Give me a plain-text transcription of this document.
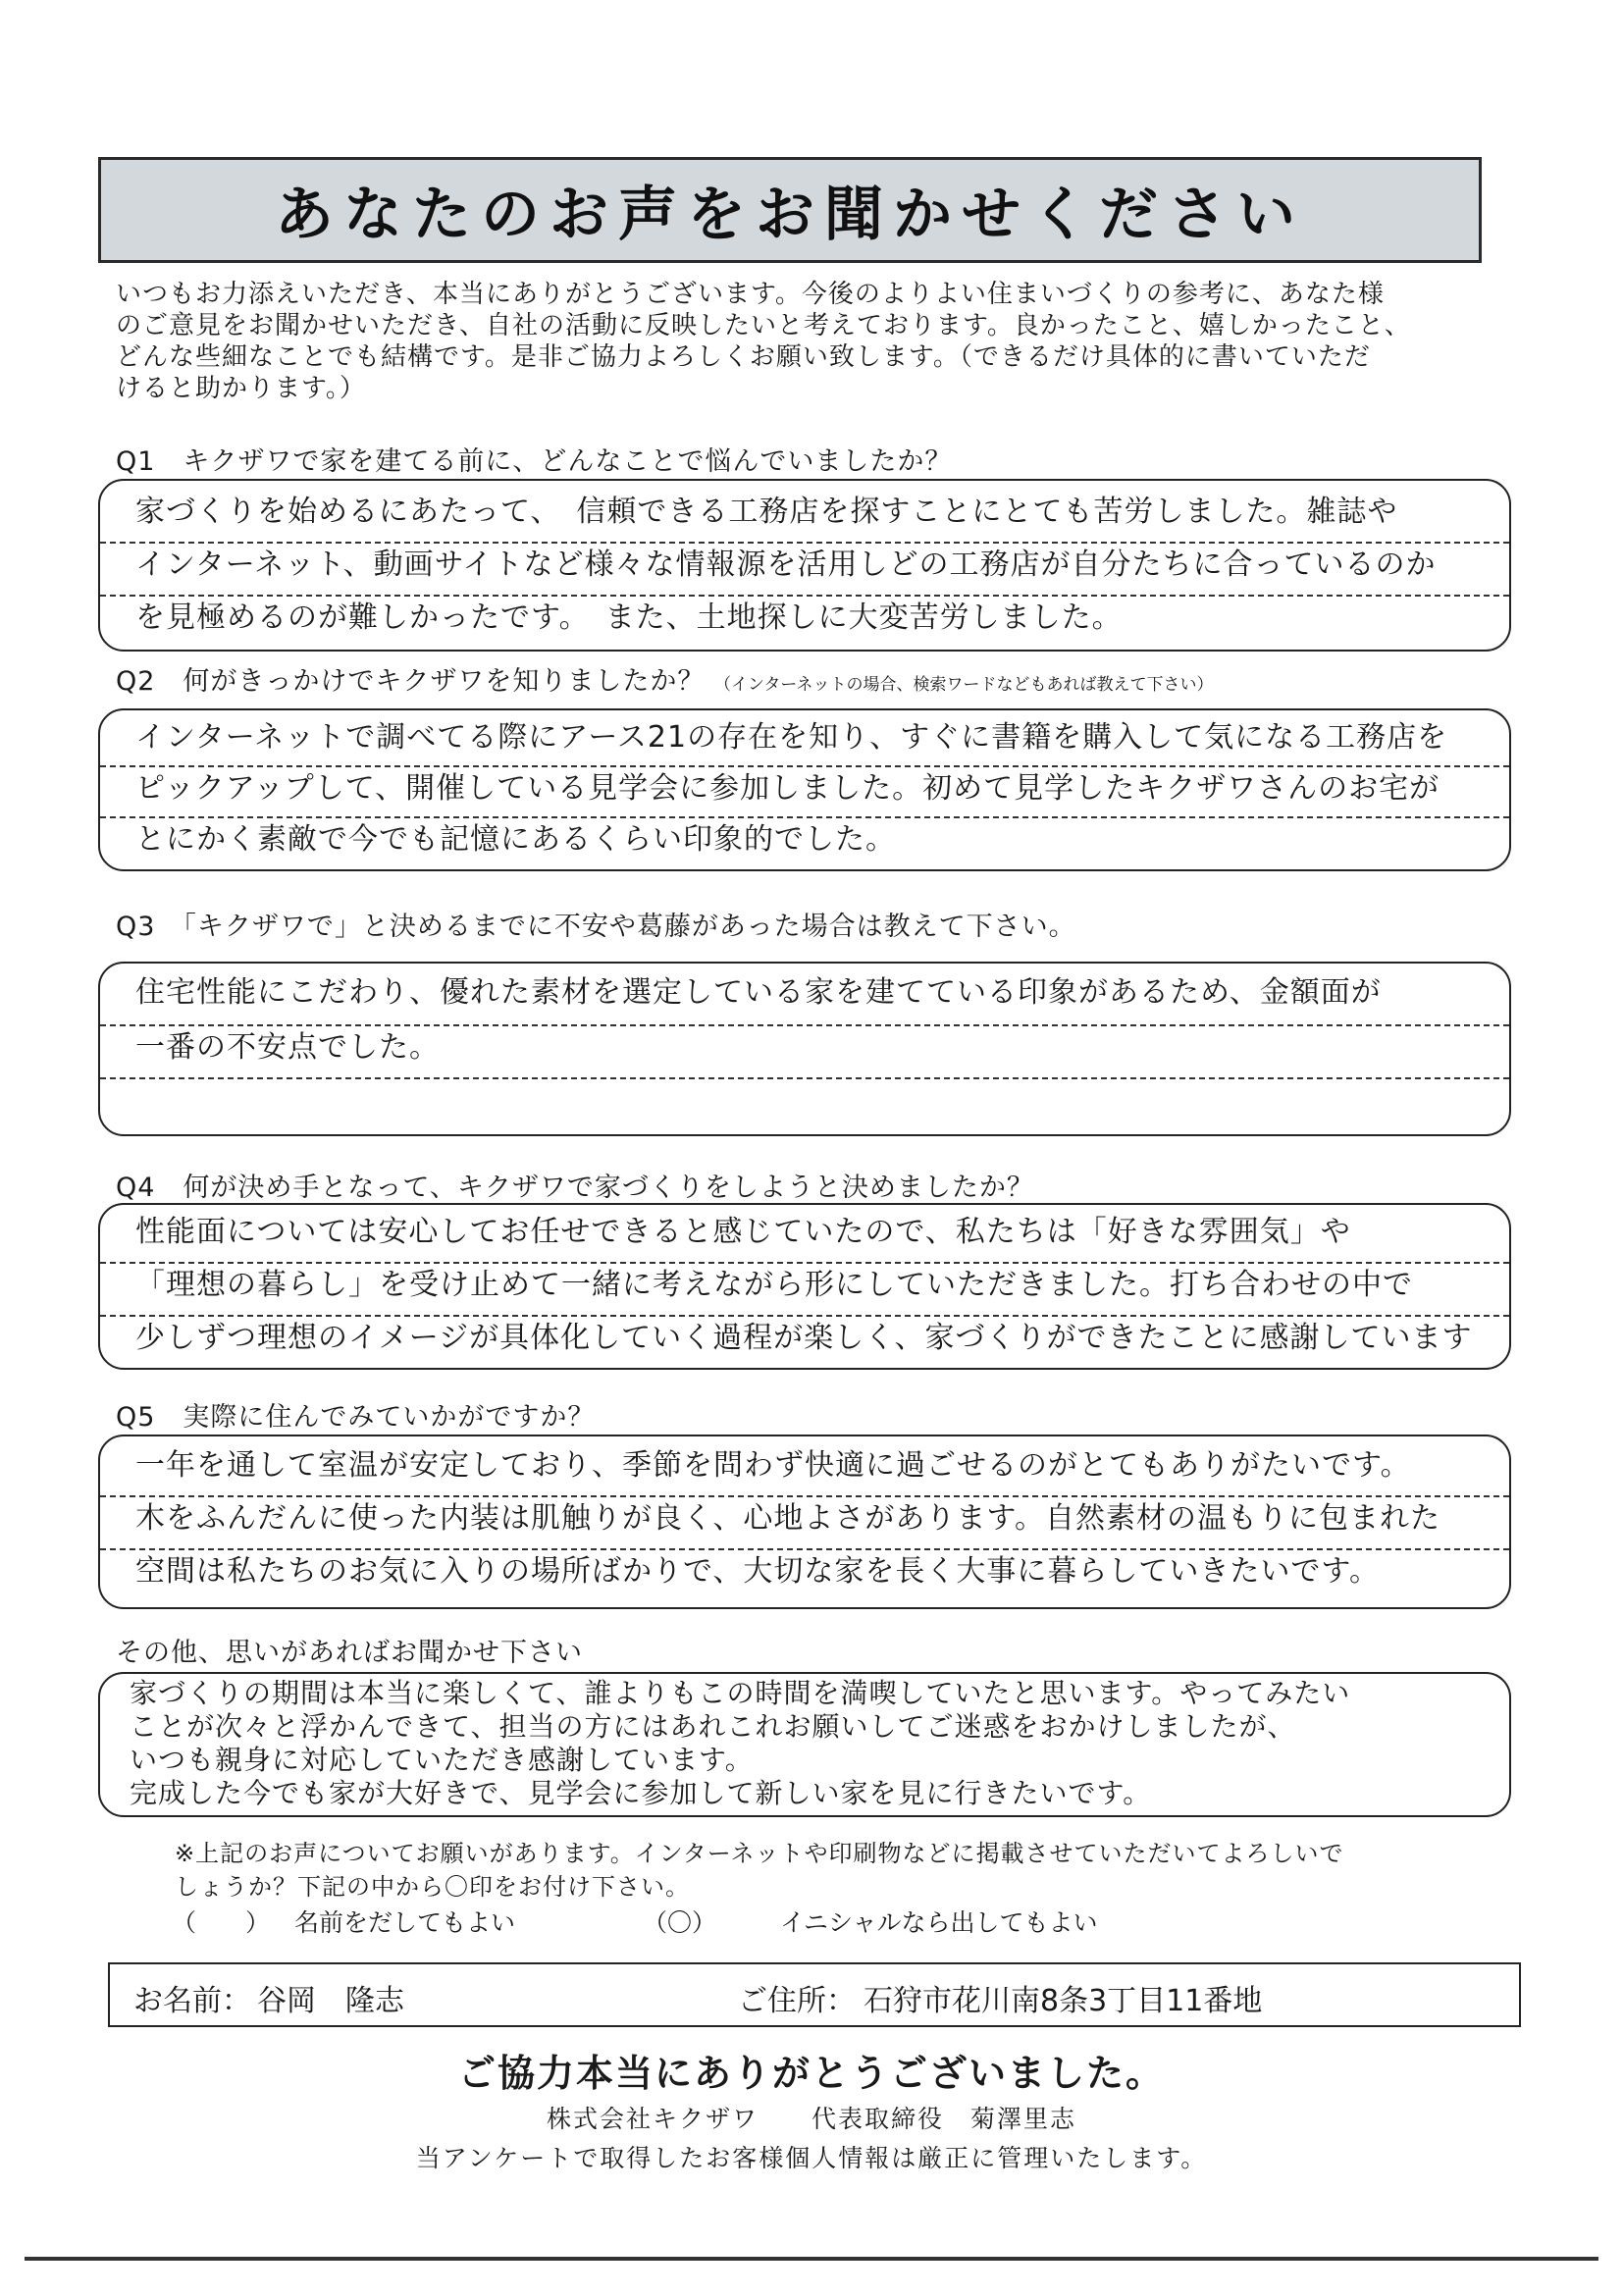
あなたのお声をお聞かせください
いつもお力添えいただき、本当にありがとうございます。今後のよりよい住まいづくりの参考に、あなた様
のご意見をお聞かせいただき、自社の活動に反映したいと考えております。良かったこと、嬉しかったこと、
どんな些細なことでも結構です。是非ご協力よろしくお願い致します。（できるだけ具体的に書いていただ
けると助かります。）
Q1　キクザワで家を建てる前に、どんなことで悩んでいましたか？
家づくりを始めるにあたって、　信頼できる工務店を探すことにとても苦労しました。雑誌や
インターネット、動画サイトなど様々な情報源を活用しどの工務店が自分たちに合っているのか
を見極めるのが難しかったです。　また、土地探しに大変苦労しました。
Q2　何がきっかけでキクザワを知りましたか？ （インターネットの場合、検索ワードなどもあれば教えて下さい）
インターネットで調べてる際にアース21の存在を知り、すぐに書籍を購入して気になる工務店を
ピックアップして、開催している見学会に参加しました。初めて見学したキクザワさんのお宅が
とにかく素敵で今でも記憶にあるくらい印象的でした。
Q3　「キクザワで」と決めるまでに不安や葛藤があった場合は教えて下さい。
住宅性能にこだわり、優れた素材を選定している家を建てている印象があるため、金額面が
一番の不安点でした。
Q4　何が決め手となって、キクザワで家づくりをしようと決めましたか？
性能面については安心してお任せできると感じていたので、私たちは「好きな雰囲気」や
「理想の暮らし」を受け止めて一緒に考えながら形にしていただきました。打ち合わせの中で
少しずつ理想のイメージが具体化していく過程が楽しく、家づくりができたことに感謝しています
Q5　実際に住んでみていかがですか？
一年を通して室温が安定しており、季節を問わず快適に過ごせるのがとてもありがたいです。
木をふんだんに使った内装は肌触りが良く、心地よさがあります。自然素材の温もりに包まれた
空間は私たちのお気に入りの場所ばかりで、大切な家を長く大事に暮らしていきたいです。
その他、思いがあればお聞かせ下さい
家づくりの期間は本当に楽しくて、誰よりもこの時間を満喫していたと思います。やってみたい
ことが次々と浮かんできて、担当の方にはあれこれお願いしてご迷惑をおかけしましたが、
いつも親身に対応していただき感謝しています。
完成した今でも家が大好きで、見学会に参加して新しい家を見に行きたいです。
※上記のお声についてお願いがあります。インターネットや印刷物などに掲載させていただいてよろしいで
しょうか？下記の中から〇印をお付け下さい。
（　　） 名前をだしてもよい	（〇）	イニシャルなら出してもよい
お名前： 谷岡　隆志	ご住所： 石狩市花川南8条3丁目11番地
ご協力本当にありがとうございました。
株式会社キクザワ　　代表取締役　菊澤里志
当アンケートで取得したお客様個人情報は厳正に管理いたします。
